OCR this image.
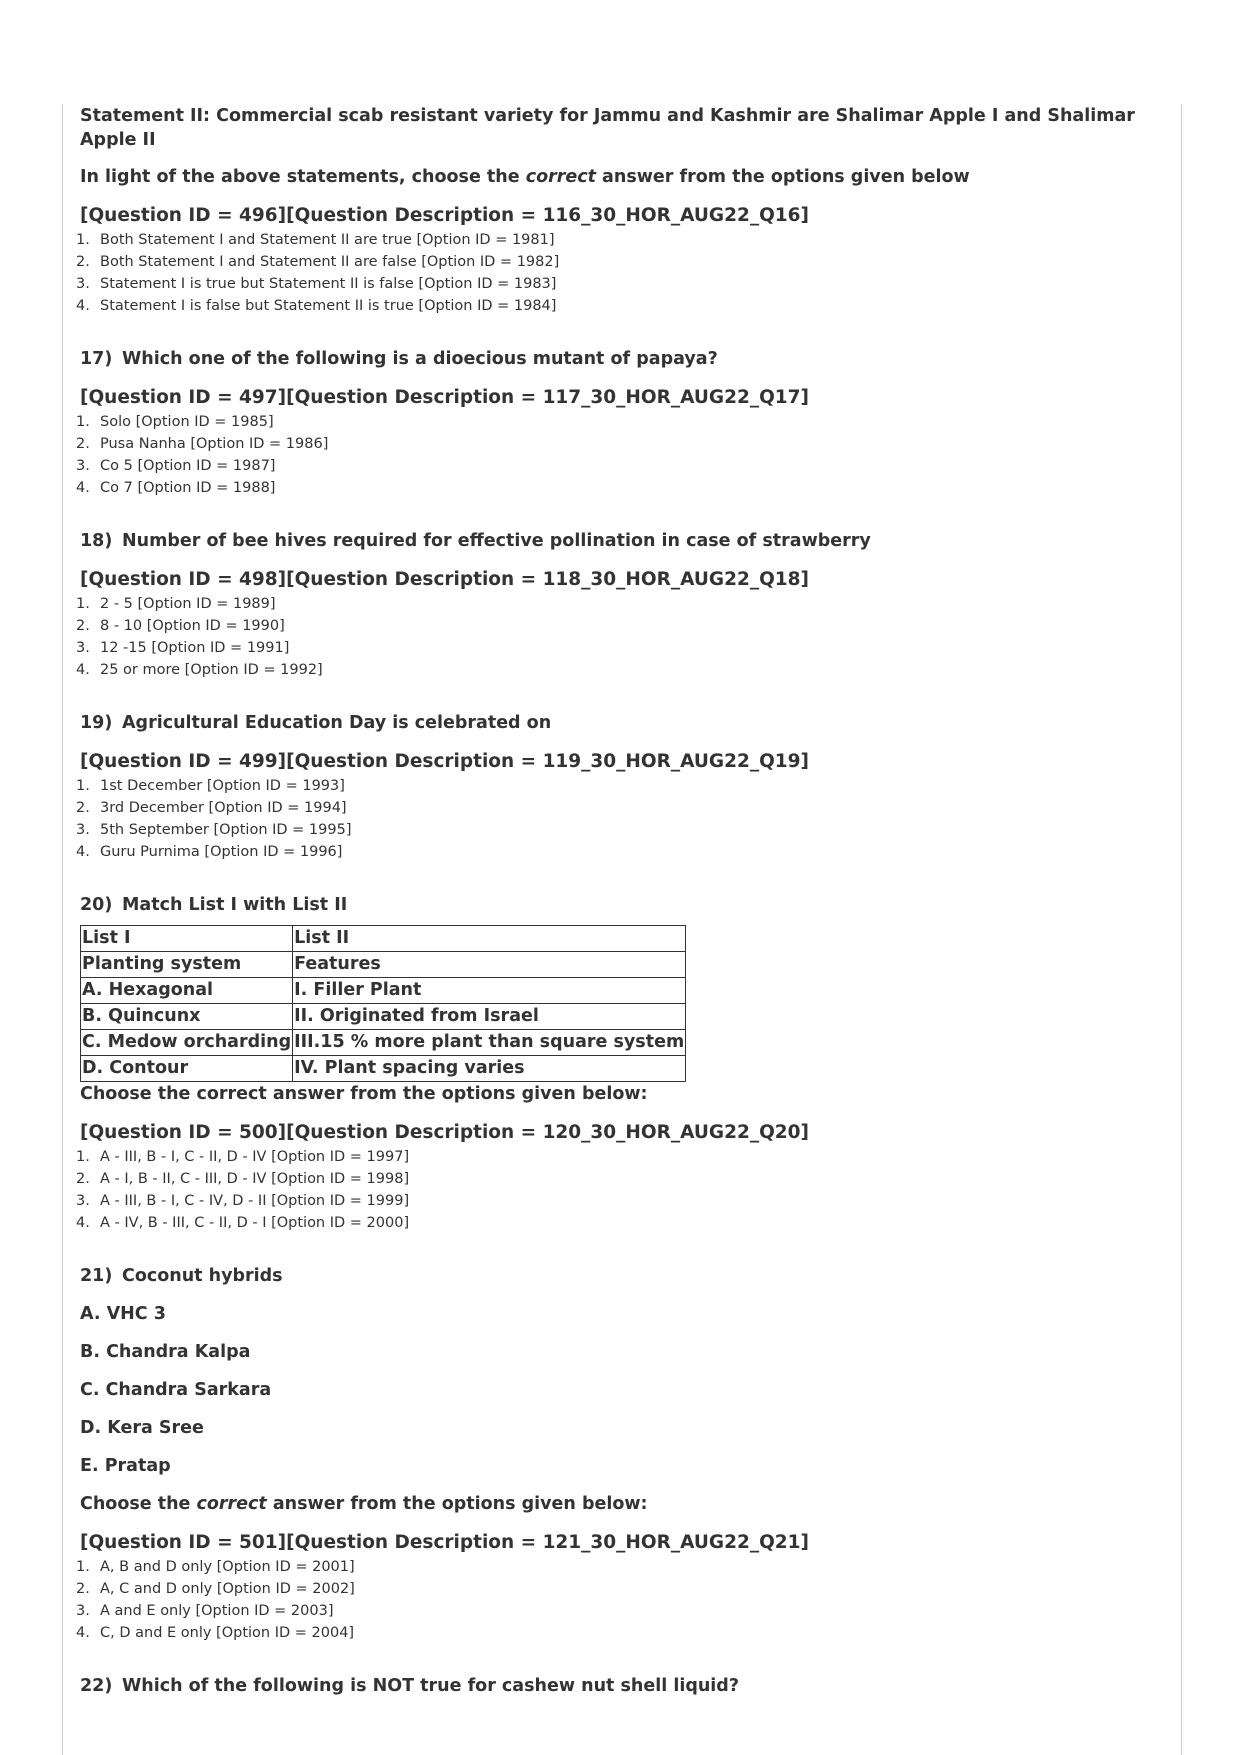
Statement II: Commercial scab resistant variety for Jammu and Kashmir are Shalimar Apple I and Shalimar Apple II

In light of the above statements, choose the correct answer from the options given below

[Question ID = 496][Question Description = 116_30_HOR_AUG22_Q16]

1. Both Statement I and Statement II are true [Option ID = 1981]
2. Both Statement I and Statement II are false [Option ID = 1982]
3. Statement I is true but Statement II is false [Option ID = 1983]
4. Statement I is false but Statement II is true [Option ID = 1984]

17) Which one of the following is a dioecious mutant of papaya?

[Question ID = 497][Question Description = 117_30_HOR_AUG22_Q17]

1. Solo [Option ID = 1985]
2. Pusa Nanha [Option ID = 1986]
3. Co 5 [Option ID = 1987]
4. Co 7 [Option ID = 1988]

18) Number of bee hives required for effective pollination in case of strawberry

[Question ID = 498][Question Description = 118_30_HOR_AUG22_Q18]

1. 2 - 5 [Option ID = 1989]
2. 8 - 10 [Option ID = 1990]
3. 12 -15 [Option ID = 1991]
4. 25 or more [Option ID = 1992]

19) Agricultural Education Day is celebrated on

[Question ID = 499][Question Description = 119_30_HOR_AUG22_Q19]

1. 1st December [Option ID = 1993]
2. 3rd December [Option ID = 1994]
3. 5th September [Option ID = 1995]
4. Guru Purnima [Option ID = 1996]

20) Match List I with List II

List I	List II
Planting system	Features
A. Hexagonal	I. Filler Plant
B. Quincunx	II. Originated from Israel
C. Medow orcharding	III.15 % more plant than square system
D. Contour	IV. Plant spacing varies

Choose the correct answer from the options given below:

[Question ID = 500][Question Description = 120_30_HOR_AUG22_Q20]

1. A - III, B - I, C - II, D - IV [Option ID = 1997]
2. A - I, B - II, C - III, D - IV [Option ID = 1998]
3. A - III, B - I, C - IV, D - II [Option ID = 1999]
4. A - IV, B - III, C - II, D - I [Option ID = 2000]

21) Coconut hybrids

A. VHC 3

B. Chandra Kalpa

C. Chandra Sarkara

D. Kera Sree

E. Pratap

Choose the correct answer from the options given below:

[Question ID = 501][Question Description = 121_30_HOR_AUG22_Q21]

1. A, B and D only [Option ID = 2001]
2. A, C and D only [Option ID = 2002]
3. A and E only [Option ID = 2003]
4. C, D and E only [Option ID = 2004]

22) Which of the following is NOT true for cashew nut shell liquid?
